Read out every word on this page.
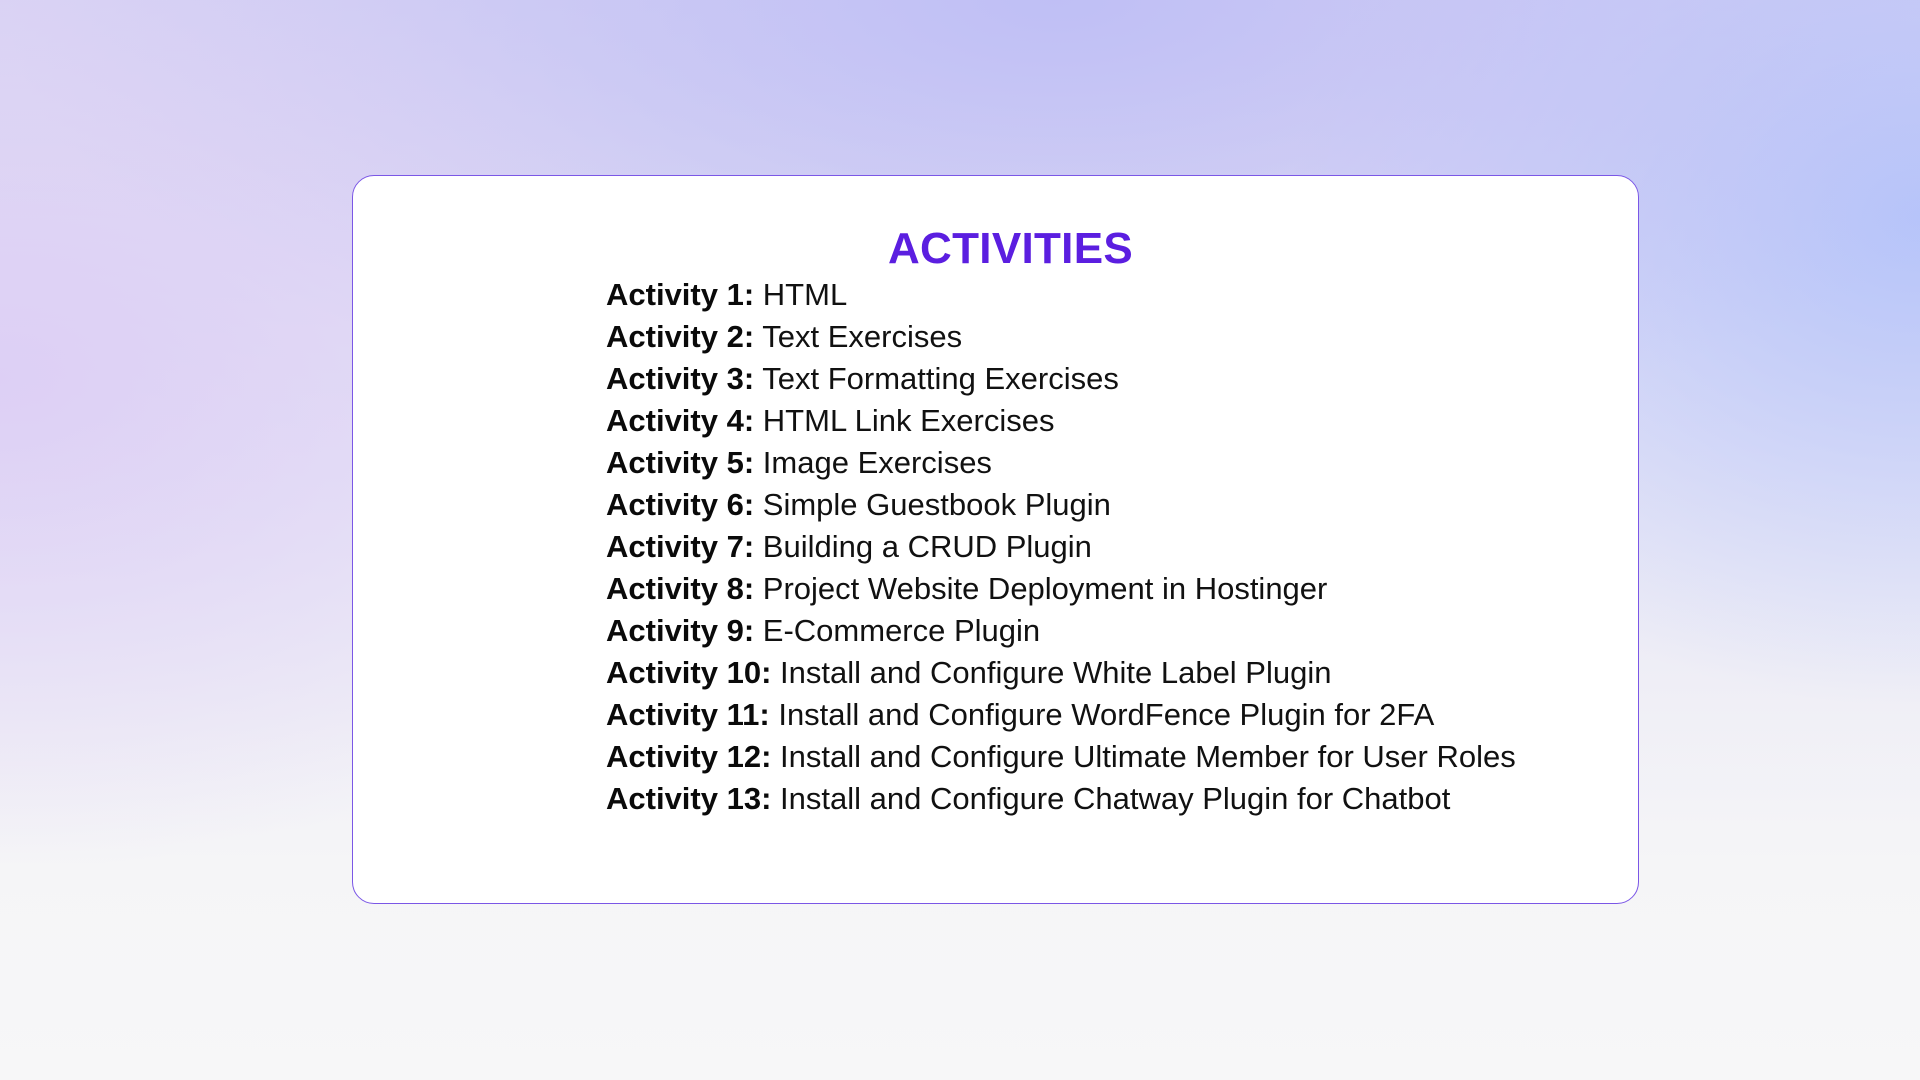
ACTIVITIES
Activity 1: HTML
Activity 2: Text Exercises
Activity 3: Text Formatting Exercises
Activity 4: HTML Link Exercises
Activity 5: Image Exercises
Activity 6: Simple Guestbook Plugin
Activity 7: Building a CRUD Plugin
Activity 8: Project Website Deployment in Hostinger
Activity 9: E-Commerce Plugin
Activity 10: Install and Configure White Label Plugin
Activity 11: Install and Configure WordFence Plugin for 2FA
Activity 12: Install and Configure Ultimate Member for User Roles
Activity 13: Install and Configure Chatway Plugin for Chatbot
